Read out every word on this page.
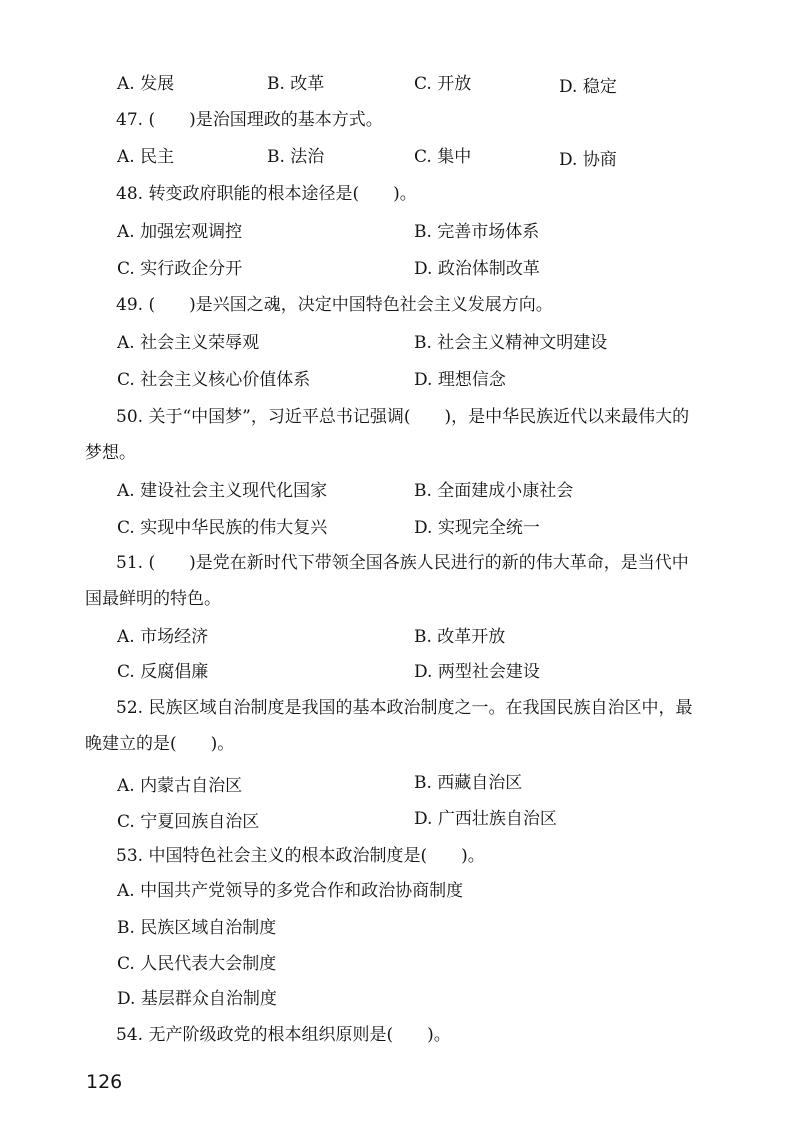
A. 发展	B. 改革	C. 开放	D. 稳定
47. (　　)是治国理政的基本方式。
A. 民主	B. 法治	C. 集中	D. 协商
48. 转变政府职能的根本途径是(　　)。
A. 加强宏观调控	B. 完善市场体系
C. 实行政企分开	D. 政治体制改革
49. (　　)是兴国之魂，决定中国特色社会主义发展方向。
A. 社会主义荣辱观	B. 社会主义精神文明建设
C. 社会主义核心价值体系	D. 理想信念
50. 关于“中国梦”，习近平总书记强调(　　)，是中华民族近代以来最伟大的
梦想。
A. 建设社会主义现代化国家	B. 全面建成小康社会
C. 实现中华民族的伟大复兴	D. 实现完全统一
51. (　　)是党在新时代下带领全国各族人民进行的新的伟大革命，是当代中
国最鲜明的特色。
A. 市场经济	B. 改革开放
C. 反腐倡廉	D. 两型社会建设
52. 民族区域自治制度是我国的基本政治制度之一。在我国民族自治区中，最
晚建立的是(　　)。
A. 内蒙古自治区	B. 西藏自治区
C. 宁夏回族自治区	D. 广西壮族自治区
53. 中国特色社会主义的根本政治制度是(　　)。
A. 中国共产党领导的多党合作和政治协商制度
B. 民族区域自治制度
C. 人民代表大会制度
D. 基层群众自治制度
54. 无产阶级政党的根本组织原则是(　　)。
126
